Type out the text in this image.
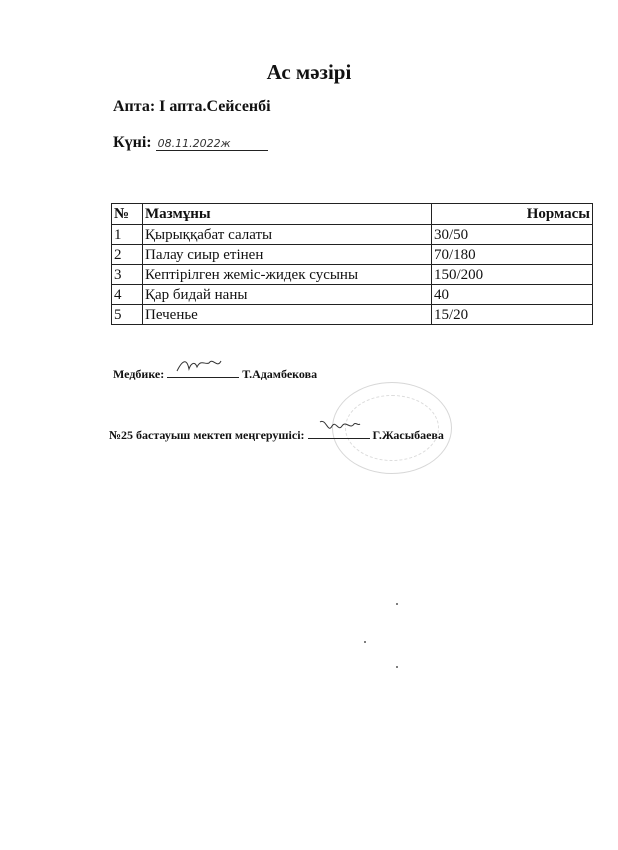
Ас мәзірі
Апта: І апта.Сейсенбі
Күні: 08.11.2022ж
№	Мазмұны	Нормасы
1	Қырыққабат салаты	30/50
2	Палау сиыр етінен	70/180
3	Кептірілген жеміс-жидек сусыны	150/200
4	Қар бидай наны	40
5	Печенье	15/20
Медбике:	Т.Адамбекова
№25 бастауыш мектеп меңгерушісі:	Г.Жасыбаева
